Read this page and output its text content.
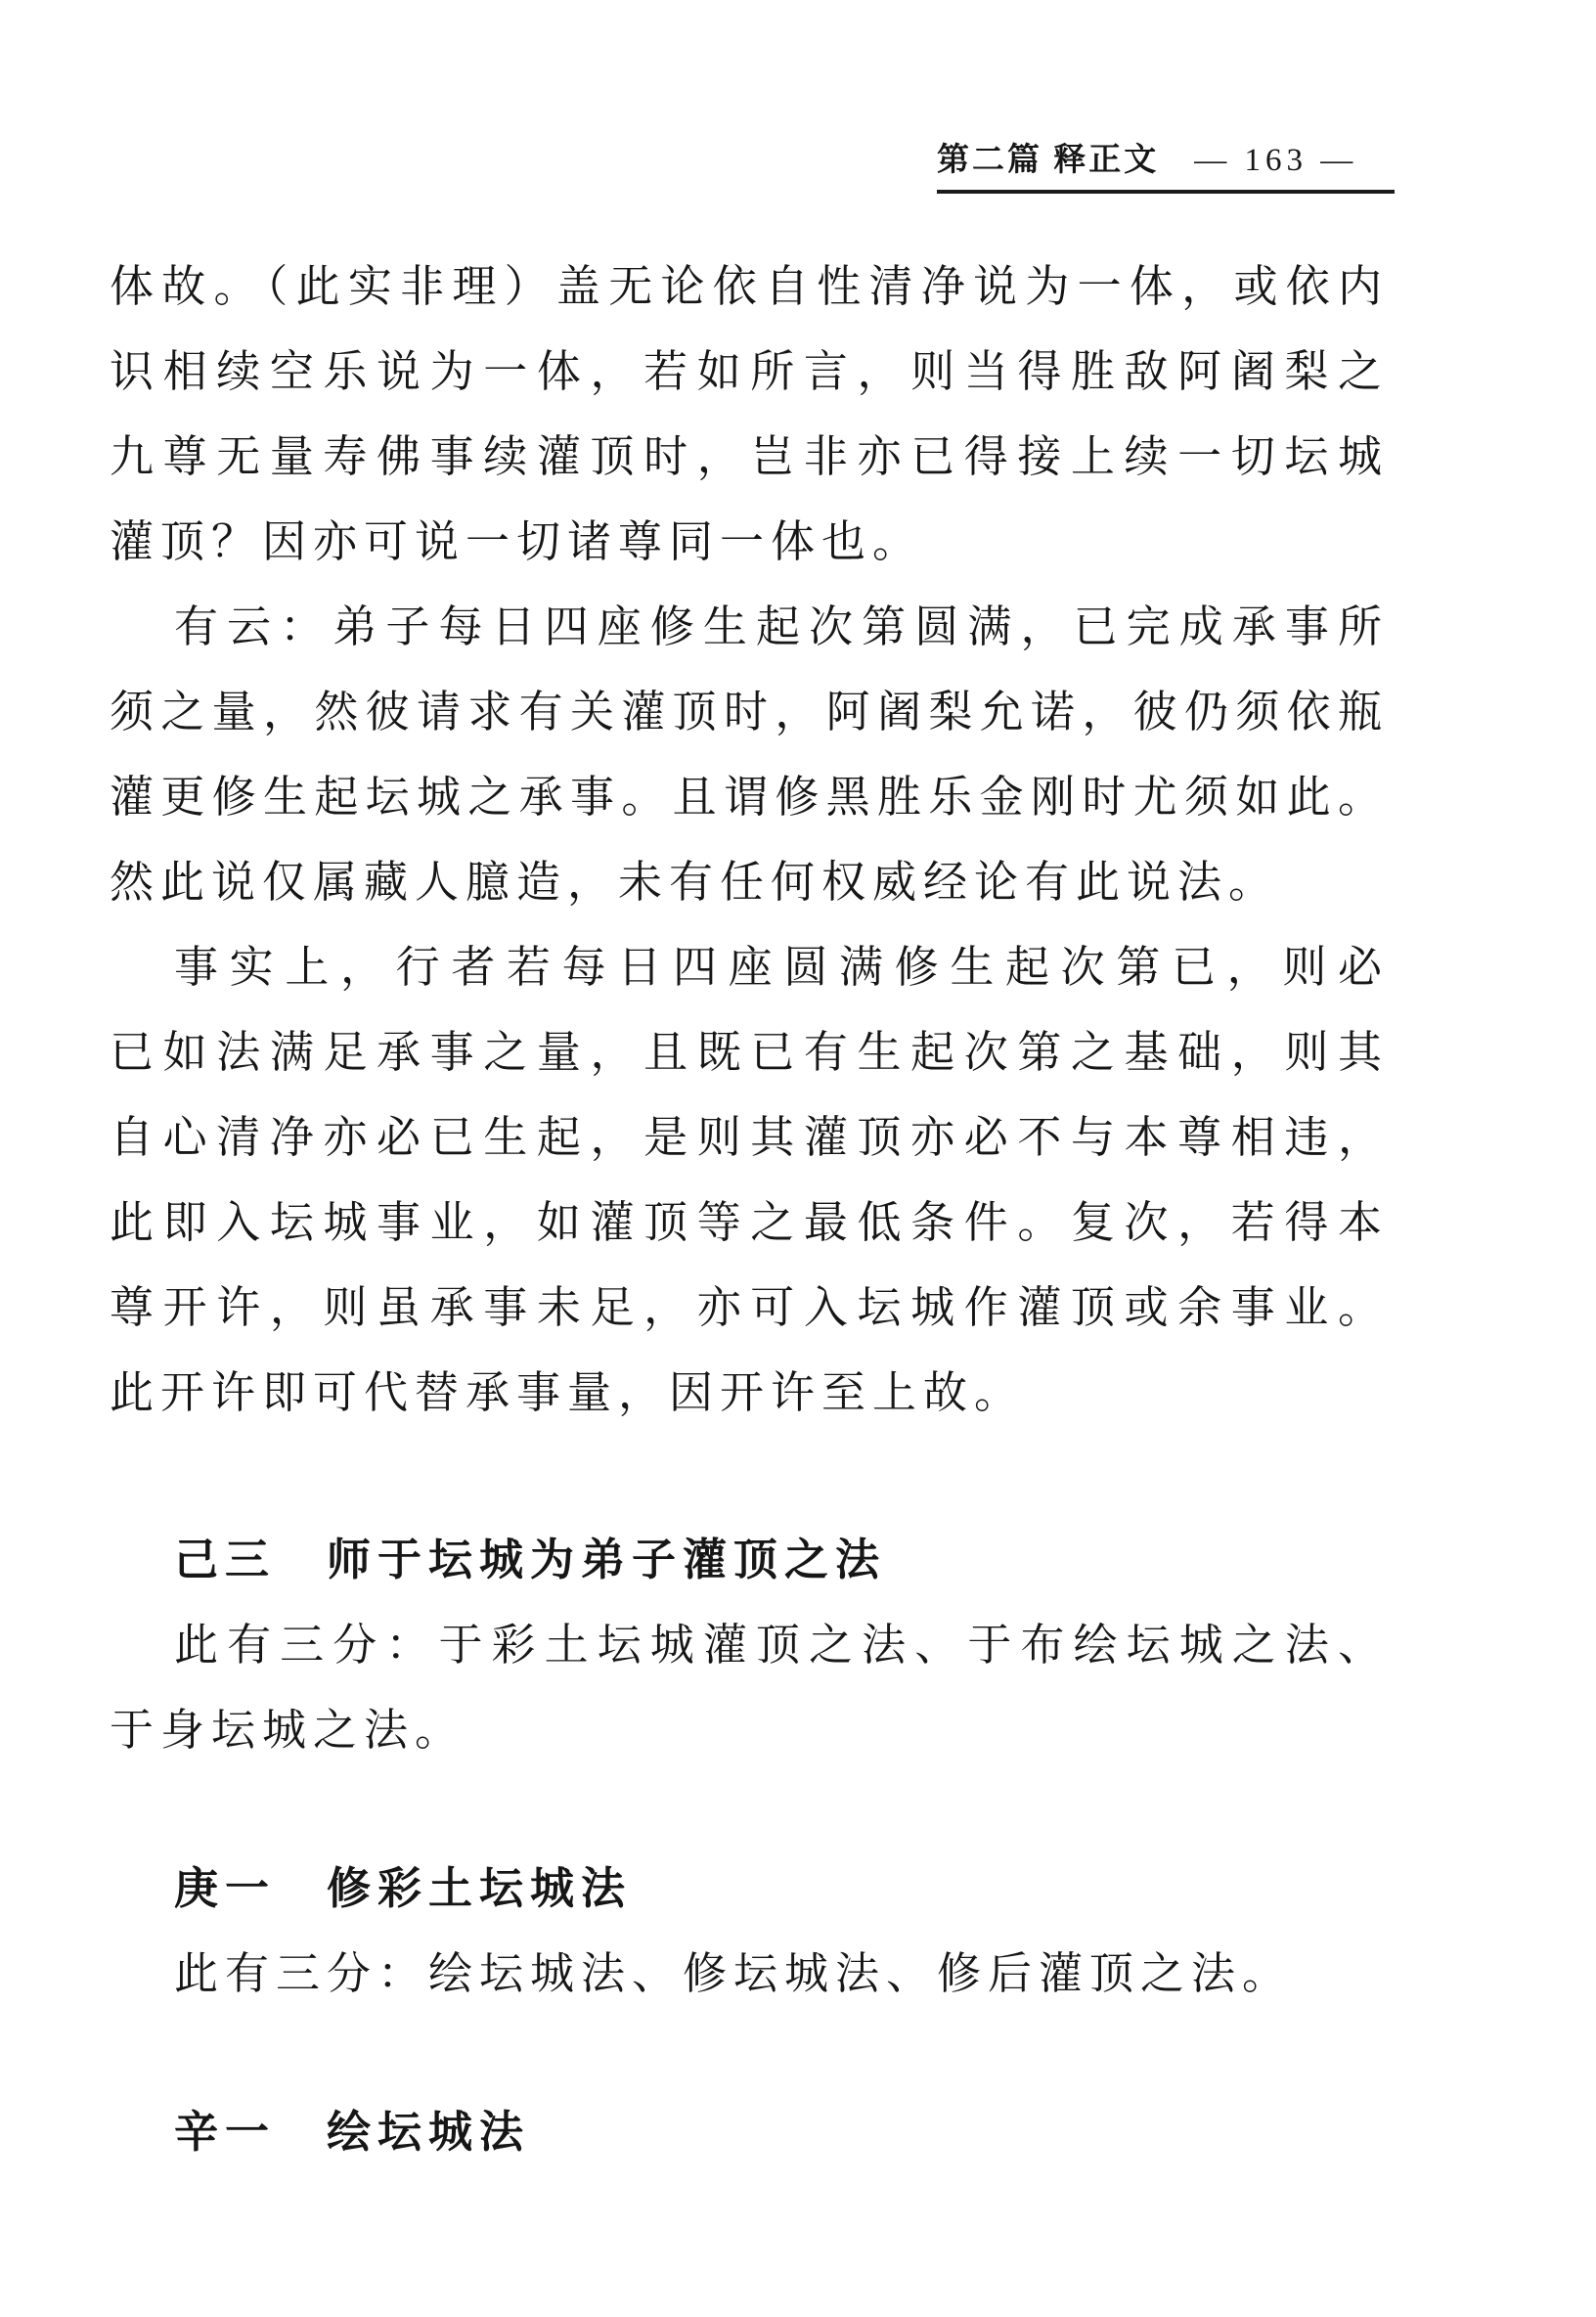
第二篇 释正文 — 163 —
体故。（此实非理）盖无论依自性清净说为一体，或依内
识相续空乐说为一体，若如所言，则当得胜敌阿阇梨之
九尊无量寿佛事续灌顶时，岂非亦已得接上续一切坛城
灌顶？因亦可说一切诸尊同一体也。
有云：弟子每日四座修生起次第圆满，已完成承事所
须之量，然彼请求有关灌顶时，阿阇梨允诺，彼仍须依瓶
灌更修生起坛城之承事。且谓修黑胜乐金刚时尤须如此。
然此说仅属藏人臆造，未有任何权威经论有此说法。
事实上，行者若每日四座圆满修生起次第已，则必
已如法满足承事之量，且既已有生起次第之基础，则其
自心清净亦必已生起，是则其灌顶亦必不与本尊相违，
此即入坛城事业，如灌顶等之最低条件。复次，若得本
尊开许，则虽承事未足，亦可入坛城作灌顶或余事业。
此开许即可代替承事量，因开许至上故。
己三 师于坛城为弟子灌顶之法
此有三分：于彩土坛城灌顶之法、于布绘坛城之法、
于身坛城之法。
庚一 修彩土坛城法
此有三分：绘坛城法、修坛城法、修后灌顶之法。
辛一 绘坛城法
